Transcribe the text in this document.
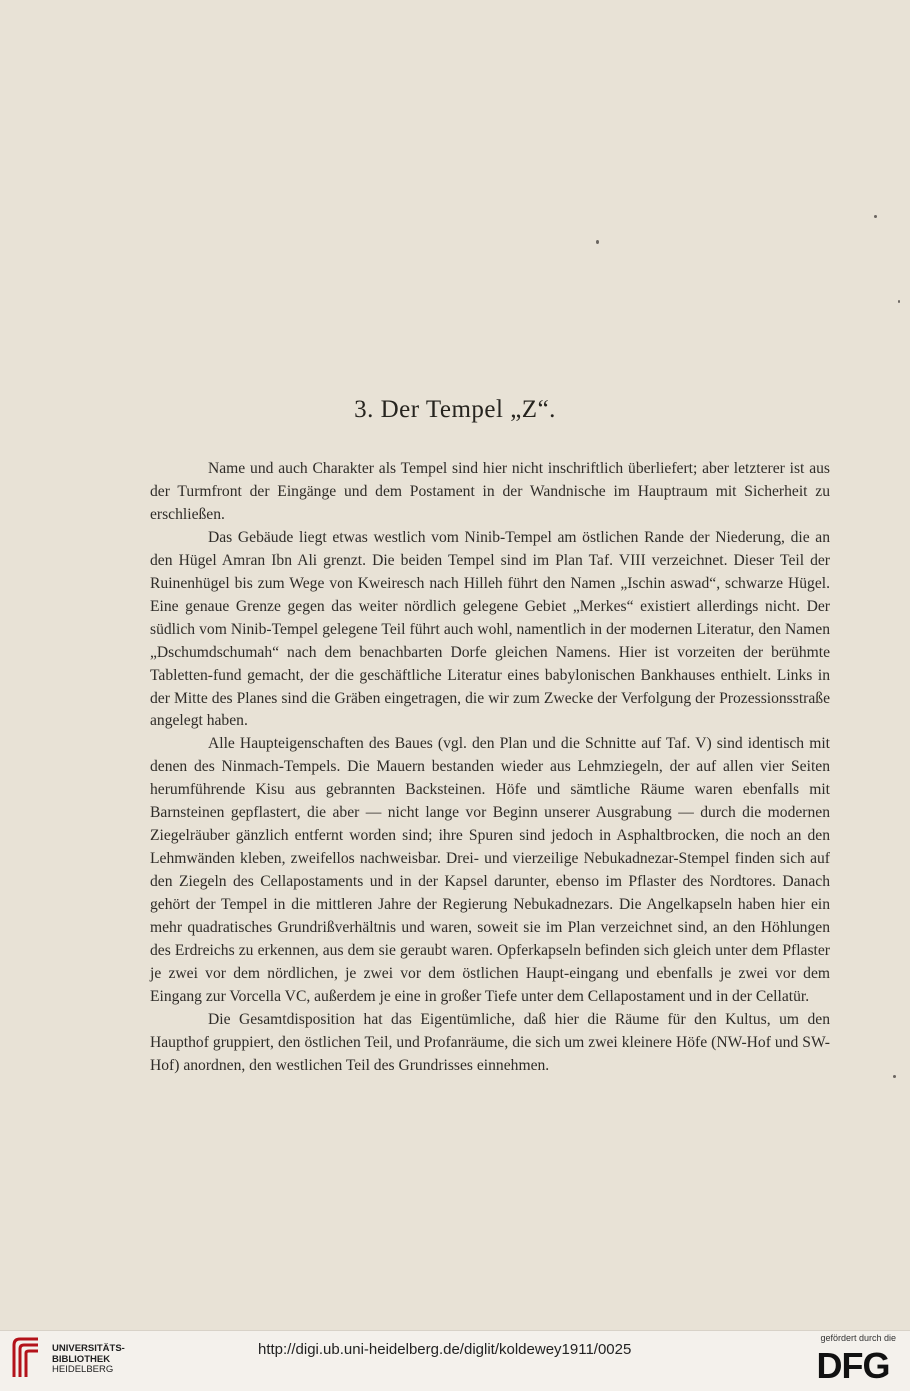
3. Der Tempel „Z“.

Name und auch Charakter als Tempel sind hier nicht inschriftlich überliefert; aber letzterer ist aus der Turmfront der Eingänge und dem Postament in der Wandnische im Hauptraum mit Sicherheit zu erschließen.

Das Gebäude liegt etwas westlich vom Ninib-Tempel am östlichen Rande der Niederung, die an den Hügel Amran Ibn Ali grenzt. Die beiden Tempel sind im Plan Taf. VIII verzeichnet. Dieser Teil der Ruinenhügel bis zum Wege von Kweiresch nach Hilleh führt den Namen „Ischin aswad“, schwarze Hügel. Eine genaue Grenze gegen das weiter nördlich gelegene Gebiet „Merkes“ existiert allerdings nicht. Der südlich vom Ninib-Tempel gelegene Teil führt auch wohl, namentlich in der modernen Literatur, den Namen „Dschumdschumah“ nach dem benachbarten Dorfe gleichen Namens. Hier ist vorzeiten der berühmte Tabletten-fund gemacht, der die geschäftliche Literatur eines babylonischen Bankhauses enthielt. Links in der Mitte des Planes sind die Gräben eingetragen, die wir zum Zwecke der Verfolgung der Prozessionsstraße angelegt haben.

Alle Haupteigenschaften des Baues (vgl. den Plan und die Schnitte auf Taf. V) sind identisch mit denen des Ninmach-Tempels. Die Mauern bestanden wieder aus Lehmziegeln, der auf allen vier Seiten herumführende Kisu aus gebrannten Backsteinen. Höfe und sämtliche Räume waren ebenfalls mit Barnsteinen gepflastert, die aber — nicht lange vor Beginn unserer Ausgrabung — durch die modernen Ziegelräuber gänzlich entfernt worden sind; ihre Spuren sind jedoch in Asphaltbrocken, die noch an den Lehmwänden kleben, zweifellos nachweisbar. Drei- und vierzeilige Nebukadnezar-Stempel finden sich auf den Ziegeln des Cellapostaments und in der Kapsel darunter, ebenso im Pflaster des Nordtores. Danach gehört der Tempel in die mittleren Jahre der Regierung Nebukadnezars. Die Angelkapseln haben hier ein mehr quadratisches Grundrißverhältnis und waren, soweit sie im Plan verzeichnet sind, an den Höhlungen des Erdreichs zu erkennen, aus dem sie geraubt waren. Opferkapseln befinden sich gleich unter dem Pflaster je zwei vor dem nördlichen, je zwei vor dem östlichen Haupt-eingang und ebenfalls je zwei vor dem Eingang zur Vorcella VC, außerdem je eine in großer Tiefe unter dem Cellapostament und in der Cellatür.

Die Gesamtdisposition hat das Eigentümliche, daß hier die Räume für den Kultus, um den Haupthof gruppiert, den östlichen Teil, und Profanräume, die sich um zwei kleinere Höfe (NW-Hof und SW-Hof) anordnen, den westlichen Teil des Grundrisses einnehmen.

UNIVERSITÄTS-
BIBLIOTHEK
HEIDELBERG
http://digi.ub.uni-heidelberg.de/diglit/koldewey1911/0025
gefördert durch die
DFG
